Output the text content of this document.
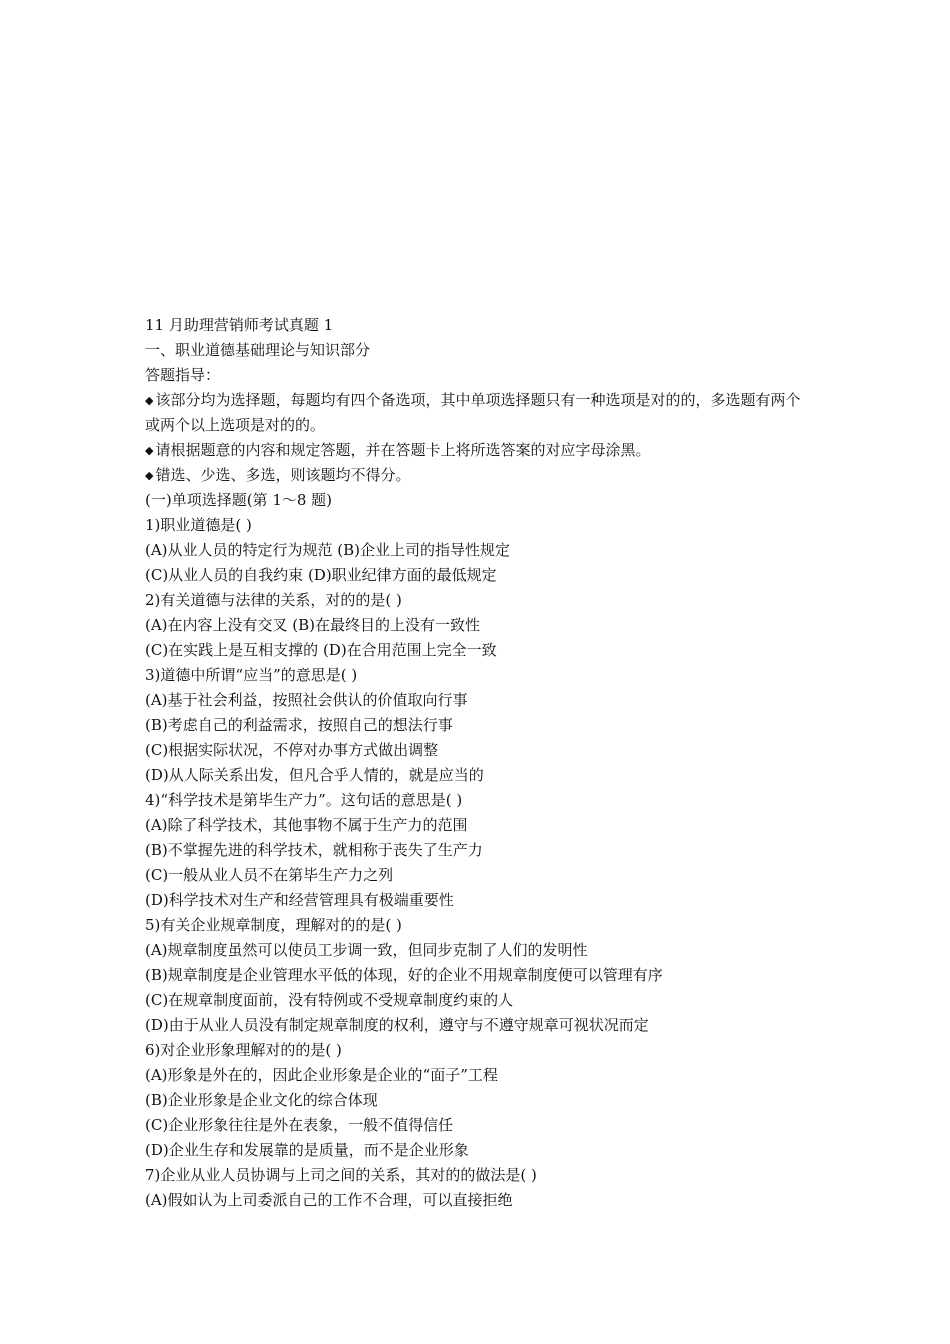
11 月助理营销师考试真题 1
一、职业道德基础理论与知识部分
答题指导：
◆ 该部分均为选择题，每题均有四个备选项，其中单项选择题只有一种选项是对的的，多选题有两个或两个以上选项是对的的。
◆ 请根据题意的内容和规定答题，并在答题卡上将所选答案的对应字母涂黑。
◆ 错选、少选、多选，则该题均不得分。
(一)单项选择题(第 1～8 题)
1)职业道德是( )
(A)从业人员的特定行为规范 (B)企业上司的指导性规定
(C)从业人员的自我约束 (D)职业纪律方面的最低规定
2)有关道德与法律的关系，对的的是( )
(A)在内容上没有交叉 (B)在最终目的上没有一致性
(C)在实践上是互相支撑的 (D)在合用范围上完全一致
3)道德中所谓“应当”的意思是( )
(A)基于社会利益，按照社会供认的价值取向行事
(B)考虑自己的利益需求，按照自己的想法行事
(C)根据实际状况，不停对办事方式做出调整
(D)从人际关系出发，但凡合乎人情的，就是应当的
4)“科学技术是第毕生产力”。这句话的意思是( )
(A)除了科学技术，其他事物不属于生产力的范围
(B)不掌握先进的科学技术，就相称于丧失了生产力
(C)一般从业人员不在第毕生产力之列
(D)科学技术对生产和经营管理具有极端重要性
5)有关企业规章制度，理解对的的是( )
(A)规章制度虽然可以使员工步调一致，但同步克制了人们的发明性
(B)规章制度是企业管理水平低的体现，好的企业不用规章制度便可以管理有序
(C)在规章制度面前，没有特例或不受规章制度约束的人
(D)由于从业人员没有制定规章制度的权利，遵守与不遵守规章可视状况而定
6)对企业形象理解对的的是( )
(A)形象是外在的，因此企业形象是企业的“面子”工程
(B)企业形象是企业文化的综合体现
(C)企业形象往往是外在表象，一般不值得信任
(D)企业生存和发展靠的是质量，而不是企业形象
7)企业从业人员协调与上司之间的关系，其对的的做法是( )
(A)假如认为上司委派自己的工作不合理，可以直接拒绝
